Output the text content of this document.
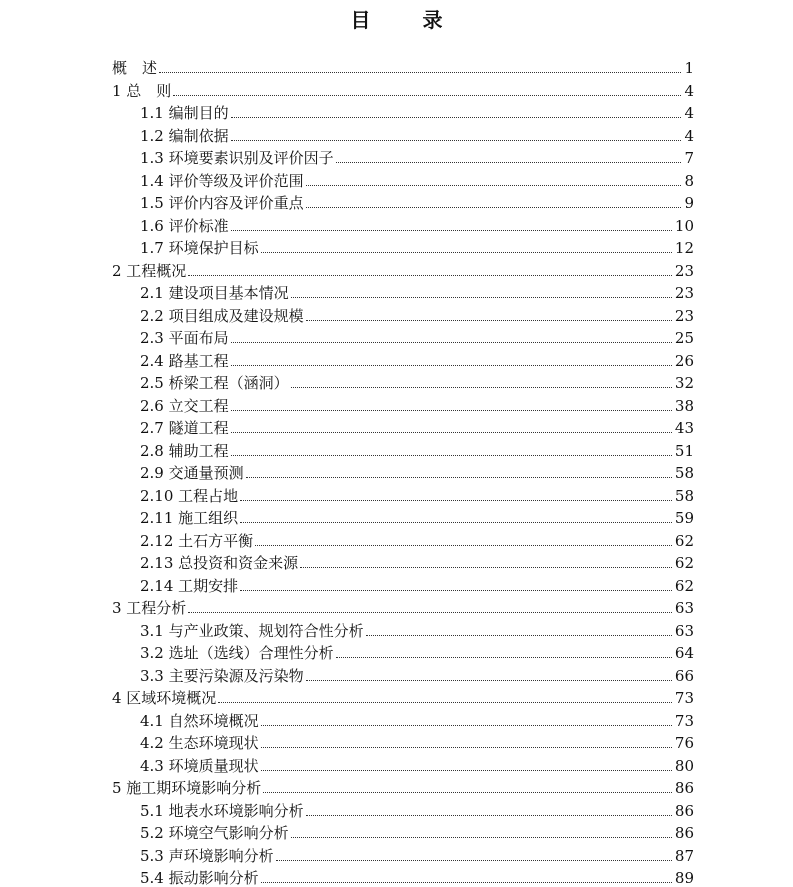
目　录
概　述	1
1 总　则	4
1.1 编制目的	4
1.2 编制依据	4
1.3 环境要素识别及评价因子	7
1.4 评价等级及评价范围	8
1.5 评价内容及评价重点	9
1.6 评价标准	10
1.7 环境保护目标	12
2 工程概况	23
2.1 建设项目基本情况	23
2.2 项目组成及建设规模	23
2.3 平面布局	25
2.4 路基工程	26
2.5 桥梁工程（涵洞）	32
2.6 立交工程	38
2.7 隧道工程	43
2.8 辅助工程	51
2.9 交通量预测	58
2.10 工程占地	58
2.11 施工组织	59
2.12 土石方平衡	62
2.13 总投资和资金来源	62
2.14 工期安排	62
3 工程分析	63
3.1 与产业政策、规划符合性分析	63
3.2 选址（选线）合理性分析	64
3.3 主要污染源及污染物	66
4 区域环境概况	73
4.1 自然环境概况	73
4.2 生态环境现状	76
4.3 环境质量现状	80
5 施工期环境影响分析	86
5.1 地表水环境影响分析	86
5.2 环境空气影响分析	86
5.3 声环境影响分析	87
5.4 振动影响分析	89
